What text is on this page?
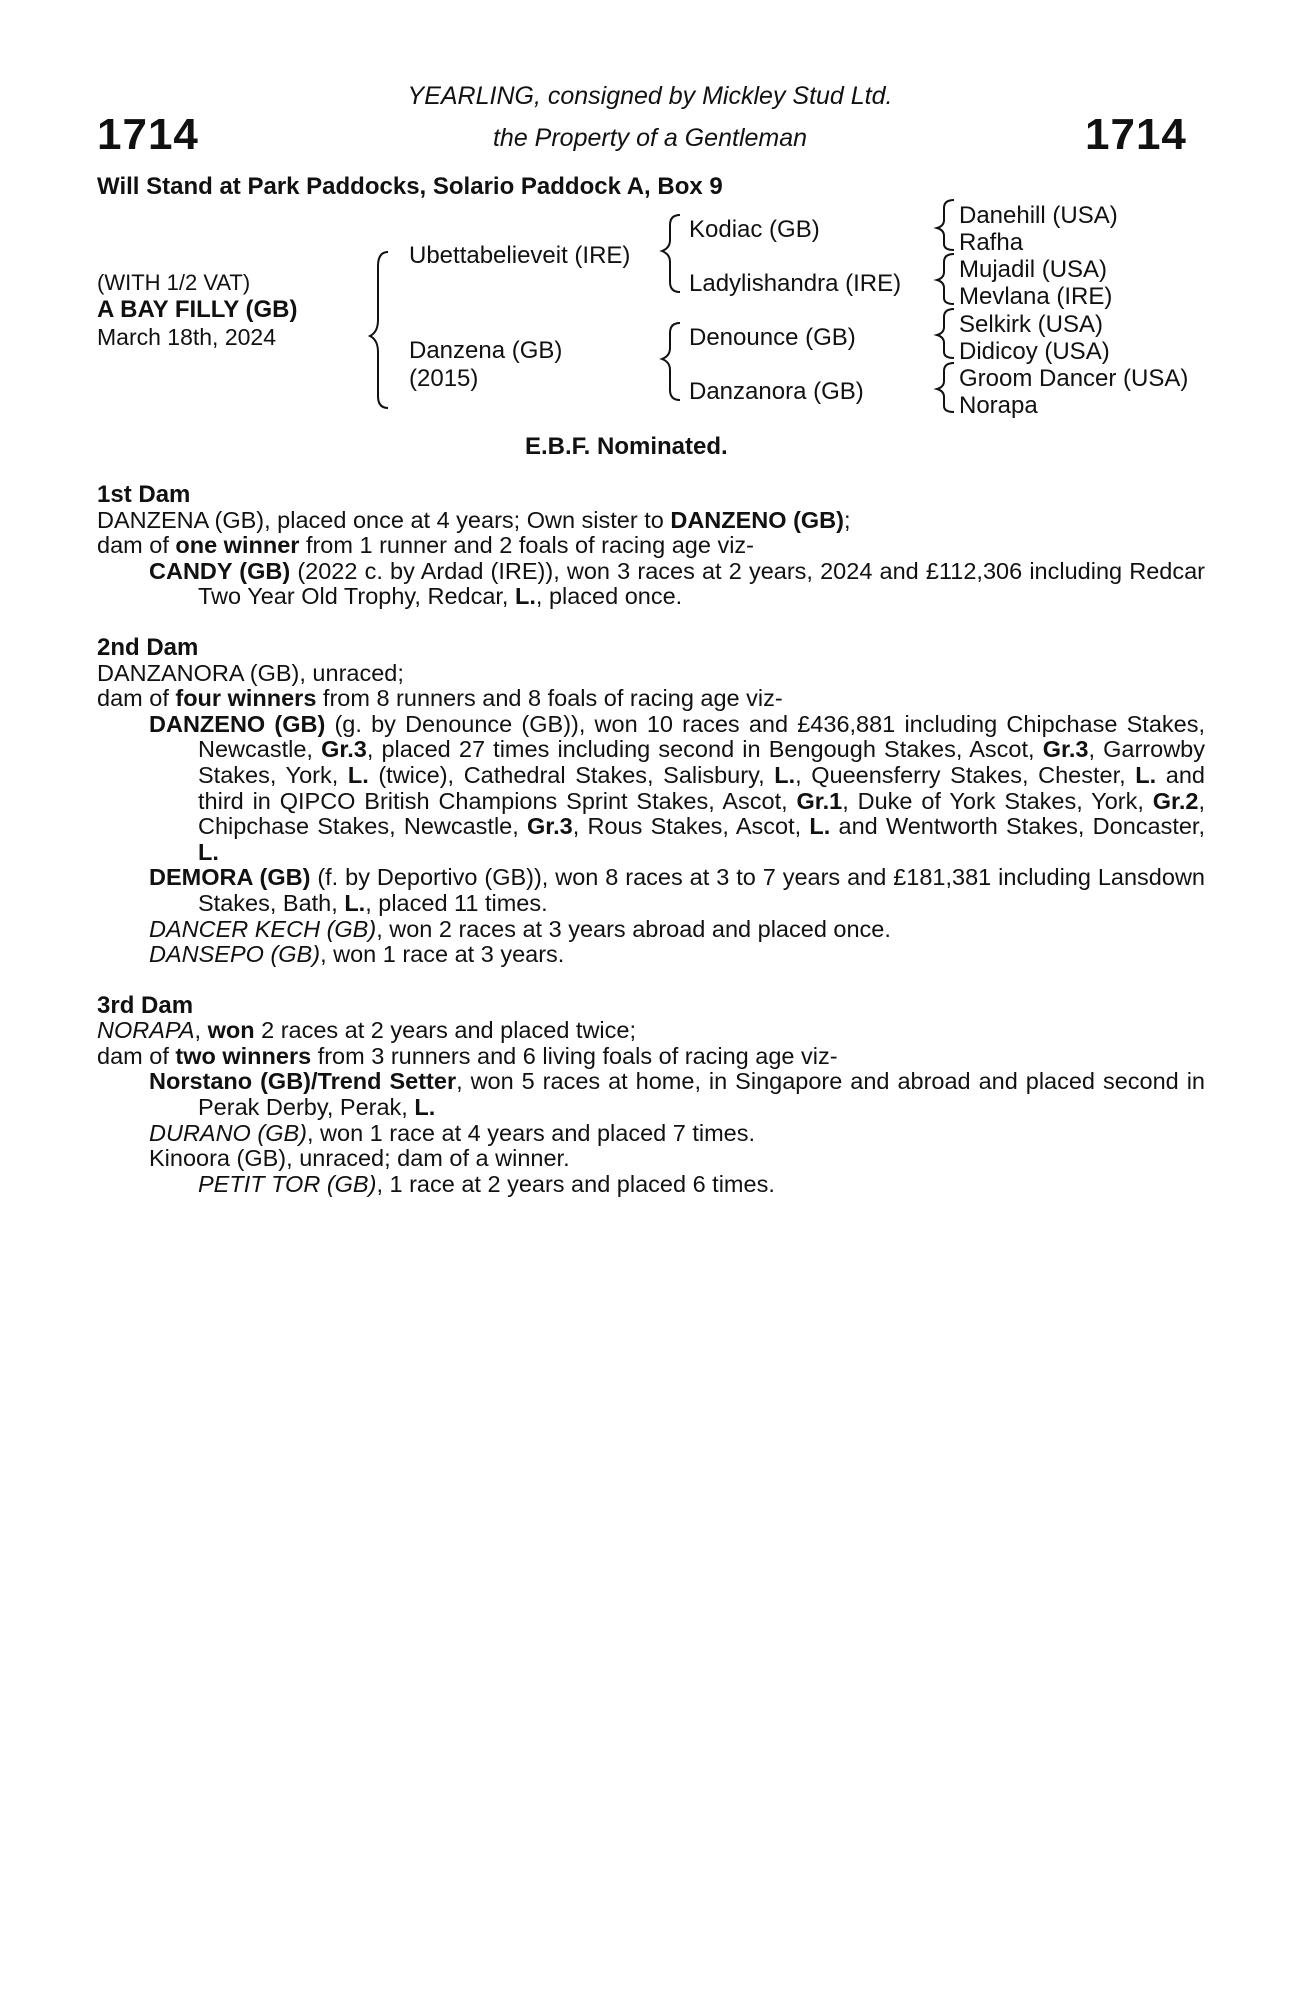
1714	1714
YEARLING, consigned by Mickley Stud Ltd.
the Property of a Gentleman
Will Stand at Park Paddocks, Solario Paddock A, Box 9
(WITH 1/2 VAT)
A BAY FILLY (GB)
March 18th, 2024
Ubettabelieveit (IRE)
Danzena (GB)
(2015)
Kodiac (GB)
Ladylishandra (IRE)
Denounce (GB)
Danzanora (GB)
Danehill (USA)
Rafha
Mujadil (USA)
Mevlana (IRE)
Selkirk (USA)
Didicoy (USA)
Groom Dancer (USA)
Norapa
E.B.F. Nominated.
1st Dam
DANZENA (GB), placed once at 4 years; Own sister to DANZENO (GB);
dam of one winner from 1 runner and 2 foals of racing age viz-
CANDY (GB) (2022 c. by Ardad (IRE)), won 3 races at 2 years, 2024 and £112,306 including Redcar Two Year Old Trophy, Redcar, L., placed once.
2nd Dam
DANZANORA (GB), unraced;
dam of four winners from 8 runners and 8 foals of racing age viz-
DANZENO (GB) (g. by Denounce (GB)), won 10 races and £436,881 including Chipchase Stakes, Newcastle, Gr.3, placed 27 times including second in Bengough Stakes, Ascot, Gr.3, Garrowby Stakes, York, L. (twice), Cathedral Stakes, Salisbury, L., Queensferry Stakes, Chester, L. and third in QIPCO British Champions Sprint Stakes, Ascot, Gr.1, Duke of York Stakes, York, Gr.2, Chipchase Stakes, Newcastle, Gr.3, Rous Stakes, Ascot, L. and Wentworth Stakes, Doncaster, L.
DEMORA (GB) (f. by Deportivo (GB)), won 8 races at 3 to 7 years and £181,381 including Lansdown Stakes, Bath, L., placed 11 times.
DANCER KECH (GB), won 2 races at 3 years abroad and placed once.
DANSEPO (GB), won 1 race at 3 years.
3rd Dam
NORAPA, won 2 races at 2 years and placed twice;
dam of two winners from 3 runners and 6 living foals of racing age viz-
Norstano (GB)/Trend Setter, won 5 races at home, in Singapore and abroad and placed second in Perak Derby, Perak, L.
DURANO (GB), won 1 race at 4 years and placed 7 times.
Kinoora (GB), unraced; dam of a winner.
PETIT TOR (GB), 1 race at 2 years and placed 6 times.
